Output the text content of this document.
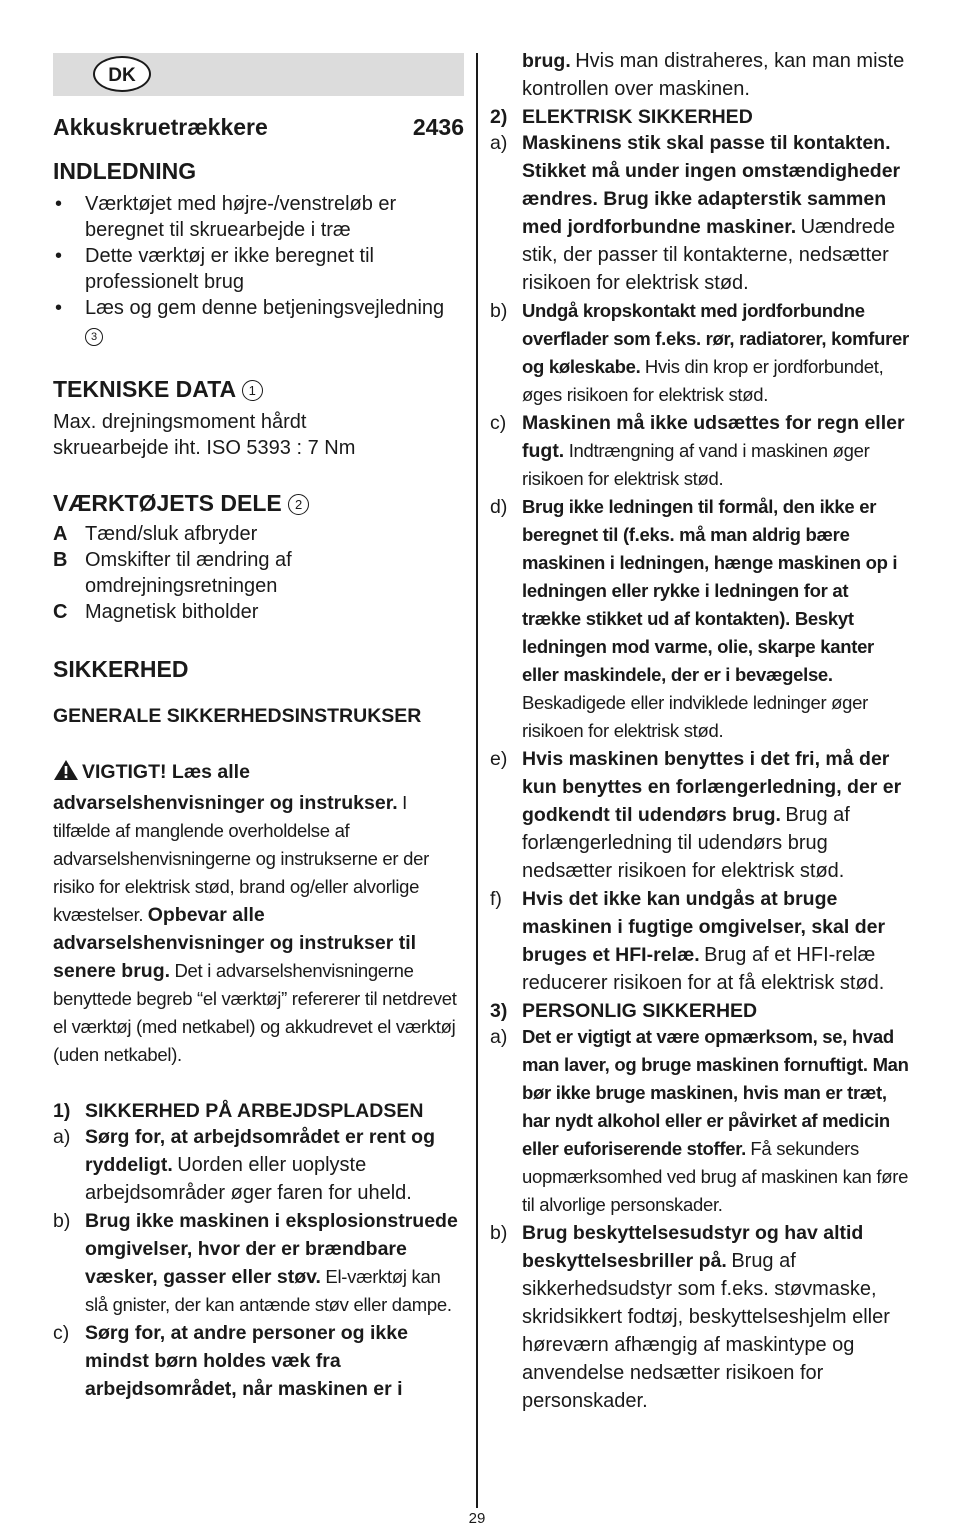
DK
Akkuskruetrækkere	2436
INDLEDNING
• Værktøjet med højre-/venstreløb er beregnet til skruearbejde i træ
• Dette værktøj er ikke beregnet til professionelt brug
• Læs og gem denne betjeningsvejledning 3
TEKNISKE DATA 1
Max. drejningsmoment hårdt
skruearbejde iht. ISO 5393 : 7 Nm
VÆRKTØJETS DELE 2
A Tænd/sluk afbryder
B Omskifter til ændring af omdrejningsretningen
C Magnetisk bitholder
SIKKERHED
GENERALE SIKKERHEDSINSTRUKSER
VIGTIGT! Læs alle advarselshenvisninger og instrukser. I tilfælde af manglende overholdelse af advarselshenvisningerne og instrukserne er der risiko for elektrisk stød, brand og/eller alvorlige kvæstelser. Opbevar alle advarselshenvisninger og instrukser til senere brug. Det i advarselshenvisningerne benyttede begreb “el værktøj” refererer til netdrevet el værktøj (med netkabel) og akkudrevet el værktøj (uden netkabel).
1) SIKKERHED PÅ ARBEJDSPLADSEN
a) Sørg for, at arbejdsområdet er rent og ryddeligt. Uorden eller uoplyste arbejdsområder øger faren for uheld.
b) Brug ikke maskinen i eksplosionstruede omgivelser, hvor der er brændbare væsker, gasser eller støv. El-værktøj kan slå gnister, der kan antænde støv eller dampe.
c) Sørg for, at andre personer og ikke mindst børn holdes væk fra arbejdsområdet, når maskinen er i
brug. Hvis man distraheres, kan man miste kontrollen over maskinen.
2) ELEKTRISK SIKKERHED
a) Maskinens stik skal passe til kontakten. Stikket må under ingen omstændigheder ændres. Brug ikke adapterstik sammen med jordforbundne maskiner. Uændrede stik, der passer til kontakterne, nedsætter risikoen for elektrisk stød.
b) Undgå kropskontakt med jordforbundne overflader som f.eks. rør, radiatorer, komfurer og køleskabe. Hvis din krop er jordforbundet, øges risikoen for elektrisk stød.
c) Maskinen må ikke udsættes for regn eller fugt. Indtrængning af vand i maskinen øger risikoen for elektrisk stød.
d) Brug ikke ledningen til formål, den ikke er beregnet til (f.eks. må man aldrig bære maskinen i ledningen, hænge maskinen op i ledningen eller rykke i ledningen for at trække stikket ud af kontakten). Beskyt ledningen mod varme, olie, skarpe kanter eller maskindele, der er i bevægelse. Beskadigede eller indviklede ledninger øger risikoen for elektrisk stød.
e) Hvis maskinen benyttes i det fri, må der kun benyttes en forlængerledning, der er godkendt til udendørs brug. Brug af forlængerledning til udendørs brug nedsætter risikoen for elektrisk stød.
f)	Hvis det ikke kan undgås at bruge maskinen i fugtige omgivelser, skal der bruges et HFI-relæ. Brug af et HFI-relæ reducerer risikoen for at få elektrisk stød.
3) PERSONLIG SIKKERHED
a) Det er vigtigt at være opmærksom, se, hvad man laver, og bruge maskinen fornuftigt. Man bør ikke bruge maskinen, hvis man er træt, har nydt alkohol eller er påvirket af medicin eller euforiserende stoffer. Få sekunders uopmærksomhed ved brug af maskinen kan føre til alvorlige personskader.
b) Brug beskyttelsesudstyr og hav altid beskyttelsesbriller på. Brug af sikkerhedsudstyr som f.eks. støvmaske, skridsikkert fodtøj, beskyttelseshjelm eller høreværn afhængig af maskintype og anvendelse nedsætter risikoen for personskader.
29
